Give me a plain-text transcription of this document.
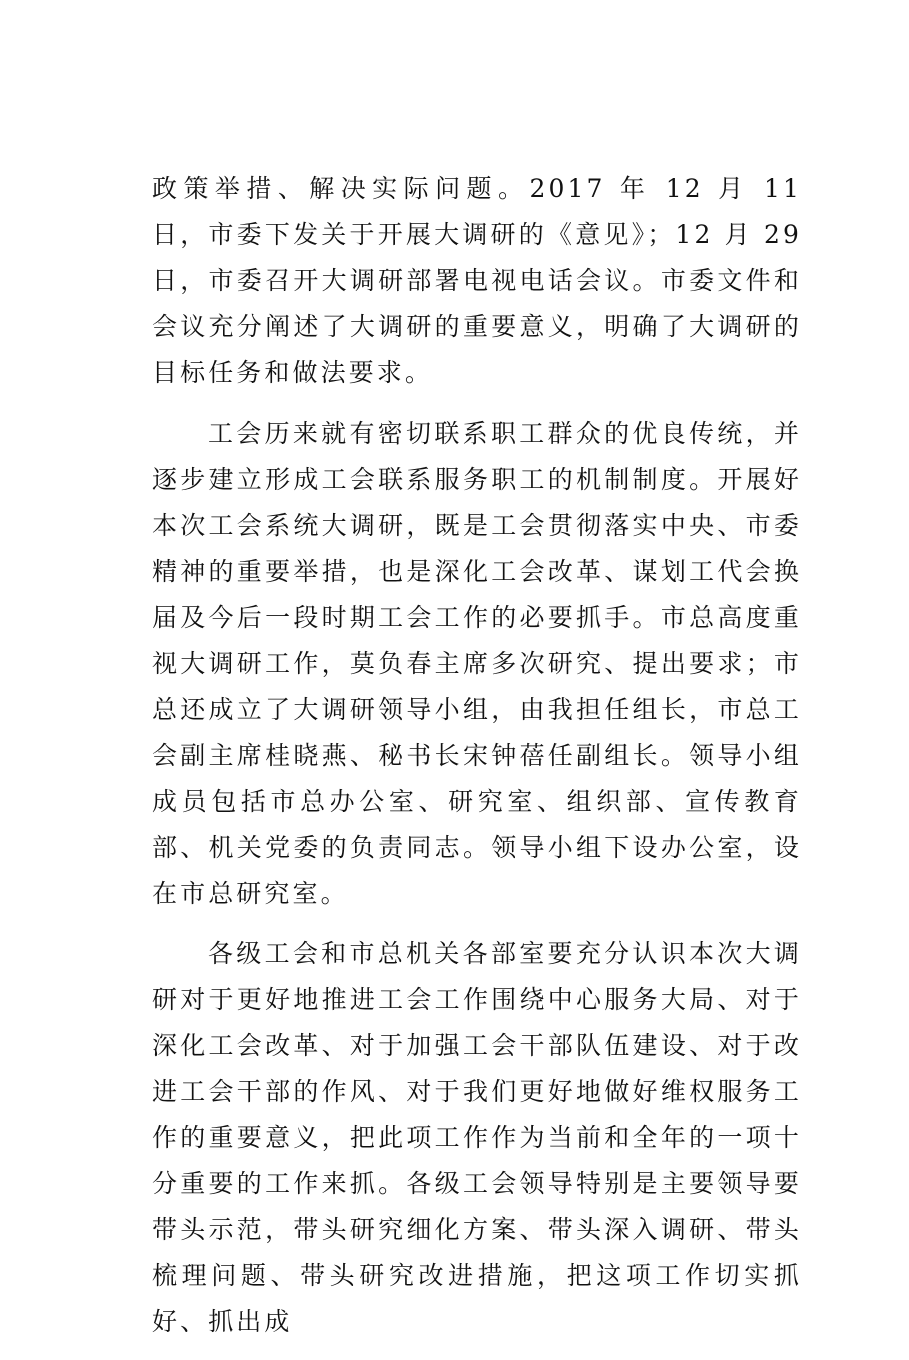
政策举措、解决实际问题。2017 年 12 月 11 日，市委下发关于开展大调研的《意见》；12 月 29 日，市委召开大调研部署电视电话会议。市委文件和会议充分阐述了大调研的重要意义，明确了大调研的目标任务和做法要求。

工会历来就有密切联系职工群众的优良传统，并逐步建立形成工会联系服务职工的机制制度。开展好本次工会系统大调研，既是工会贯彻落实中央、市委精神的重要举措，也是深化工会改革、谋划工代会换届及今后一段时期工会工作的必要抓手。市总高度重视大调研工作，莫负春主席多次研究、提出要求；市总还成立了大调研领导小组，由我担任组长，市总工会副主席桂晓燕、秘书长宋钟蓓任副组长。领导小组成员包括市总办公室、研究室、组织部、宣传教育部、机关党委的负责同志。领导小组下设办公室，设在市总研究室。

各级工会和市总机关各部室要充分认识本次大调研对于更好地推进工会工作围绕中心服务大局、对于深化工会改革、对于加强工会干部队伍建设、对于改进工会干部的作风、对于我们更好地做好维权服务工作的重要意义，把此项工作作为当前和全年的一项十分重要的工作来抓。各级工会领导特别是主要领导要带头示范，带头研究细化方案、带头深入调研、带头梳理问题、带头研究改进措施，把这项工作切实抓好、抓出成
